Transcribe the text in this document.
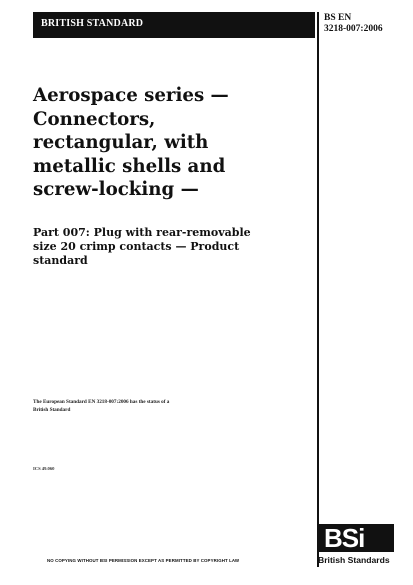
BRITISH STANDARD	BS EN
3218-007:2006
Aerospace series —
Connectors,
rectangular, with
metallic shells and
screw-locking —
Part 007: Plug with rear-removable
size 20 crimp contacts — Product
standard
The European Standard EN 3218-007:2006 has the status of a
British Standard
ICS 49.060
NO COPYING WITHOUT BSI PERMISSION EXCEPT AS PERMITTED BY COPYRIGHT LAW
BSi
British Standards
